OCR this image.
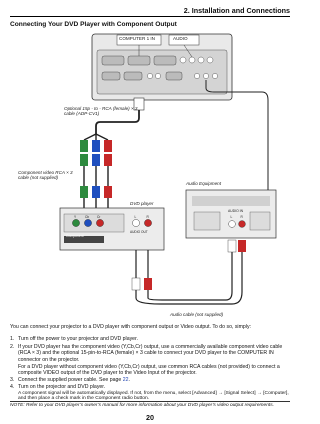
2. Installation and Connections
Connecting Your DVD Player with Component Output
COMPUTER 1 IN	AUDIO
Optional 15p - to - RCA (female) × 3 cable (ADP-CV1)
Component video RCA × 3 cable (not supplied)
DVD player
Audio Equipment
Audio cable (not supplied)
Component
AUDIO OUT
Y	Cb Cr	L	R
AUDIO IN
L	R
You can connect your projector to a DVD player with component output or Video output. To do so, simply:
1. Turn off the power to your projector and DVD player.
2. If your DVD player has the component video (Y,Cb,Cr) output, use a commercially available component video cable (RCA × 3) and the optional 15-pin-to-RCA (female) × 3 cable to connect your DVD player to the COMPUTER IN connector on the projector.
For a DVD player without component video (Y,Cb,Cr) output, use common RCA cables (not provided) to connect a composite VIDEO output of the DVD player to the Video Input of the projector.
3. Connect the supplied power cable. See page 22.
4. Turn on the projector and DVD player.
A component signal will be automatically displayed. If not, from the menu, select [Advanced] → [Signal Select] → [Computer], and then place a check mark in the Component radio button.
NOTE: Refer to your DVD player’s owner’s manual for more information about your DVD player’s video output requirements.
20
